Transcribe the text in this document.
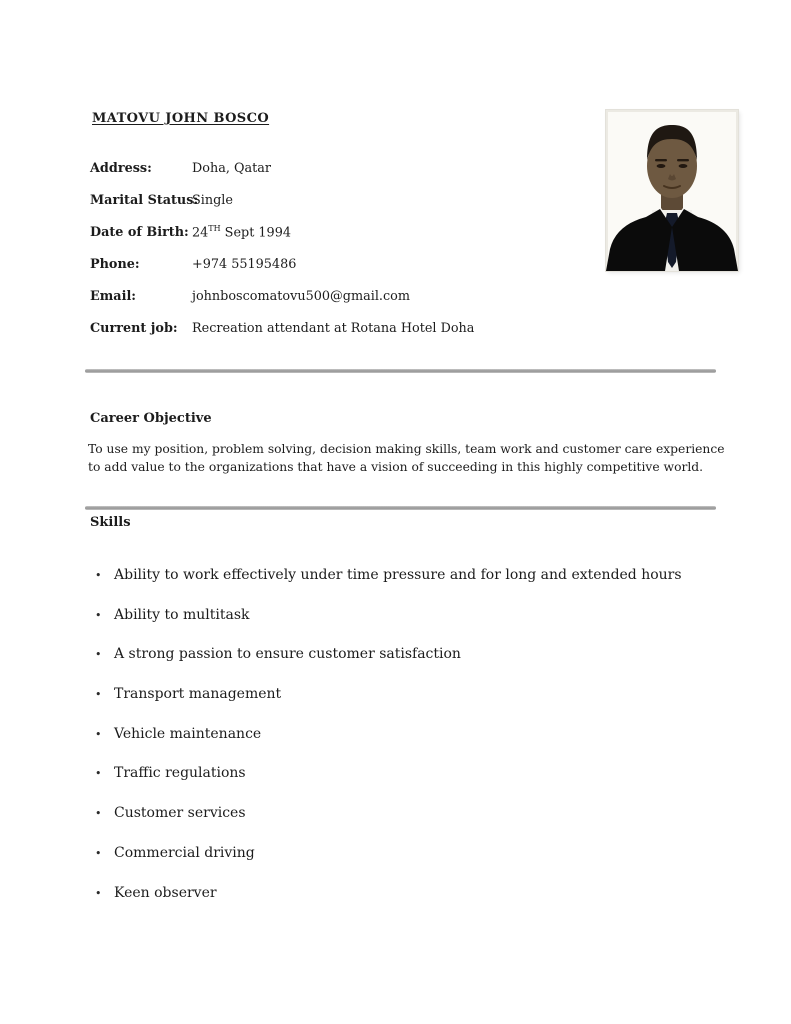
MATOVU JOHN BOSCO
Address:	Doha, Qatar
Marital Status:
Single
Date of Birth: 24TH Sept 1994
Phone:	+974 55195486
Email:	johnboscomatovu500@gmail.com
Current job:	Recreation attendant at Rotana Hotel Doha
Career Objective
To use my position, problem solving, decision making skills, team work and customer care experience
to add value to the organizations that have a vision of succeeding in this highly competitive world.
Skills
• Ability to work effectively under time pressure and for long and extended hours
• Ability to multitask
• A strong passion to ensure customer satisfaction
• Transport management
• Vehicle maintenance
• Traffic regulations
• Customer services
• Commercial driving
• Keen observer
